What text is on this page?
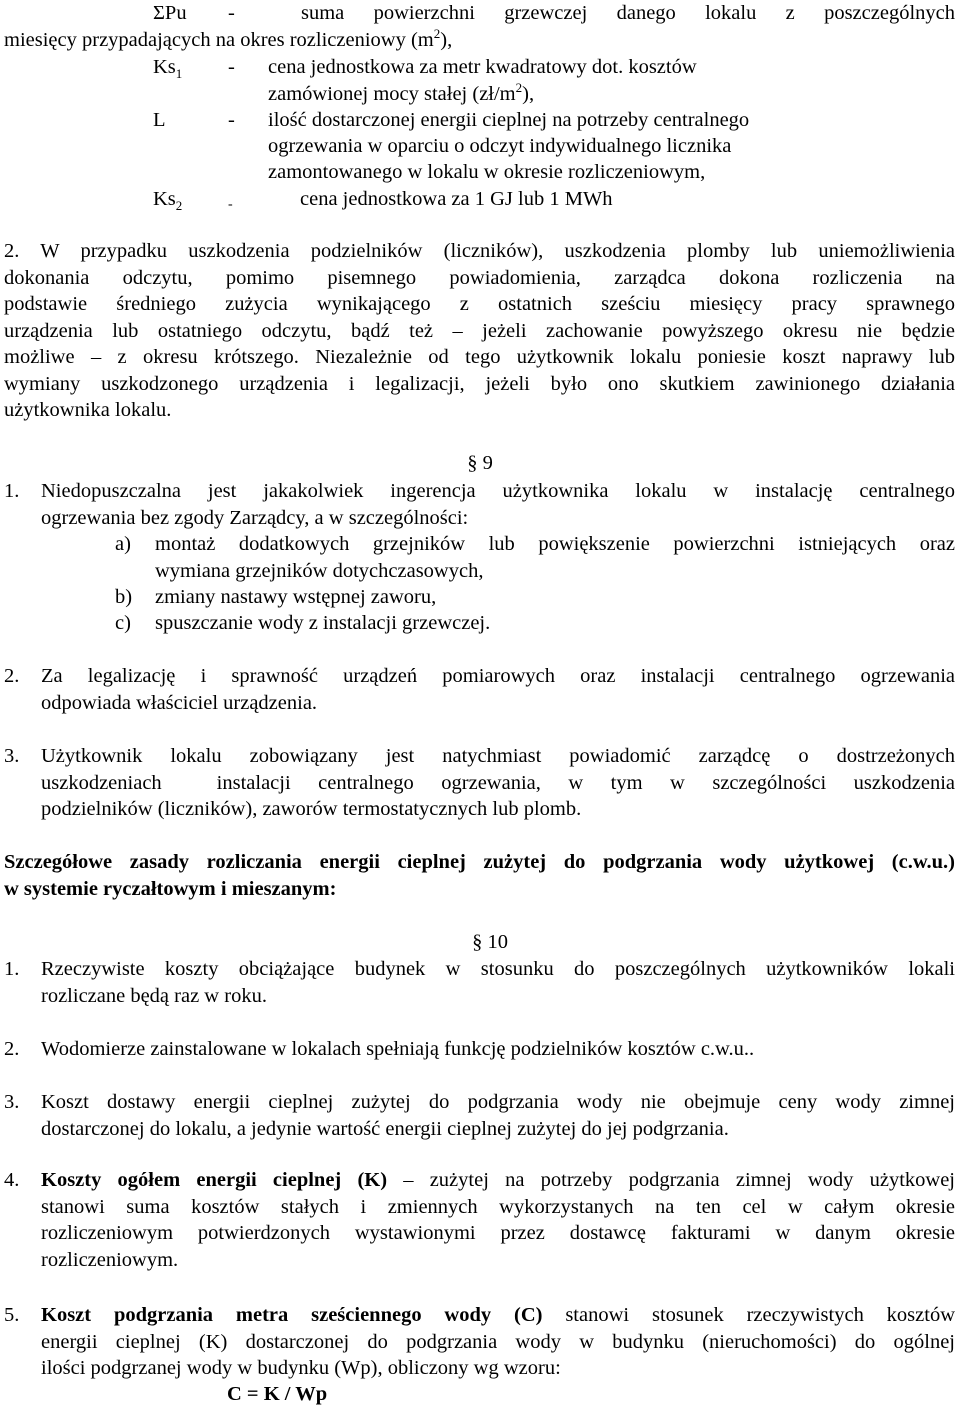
ΣPu -	suma powierzchni grzewczej danego lokalu z poszczególnych
miesięcy przypadających na okres rozliczeniowy $(m^2)$,
$Ks_1$ - cena jednostkowa za metr kwadratowy dot. kosztów
zamówionej mocy stałej $(zł/m^2)$,
L	- ilość dostarczonej energii cieplnej na potrzeby centralnego
ogrzewania w oparciu o odczyt indywidualnego licznika
zamontowanego w lokalu w okresie rozliczeniowym,
$Ks_2$	-	cena jednostkowa za 1 GJ lub 1 MWh
2. W przypadku uszkodzenia podzielników (liczników), uszkodzenia plomby lub uniemożliwienia
dokonania odczytu, pomimo pisemnego powiadomienia, zarządca dokona rozliczenia na
podstawie średniego zużycia wynikającego z ostatnich sześciu miesięcy pracy sprawnego
urządzenia lub ostatniego odczytu, bądź też – jeżeli zachowanie powyższego okresu nie będzie
możliwe – z okresu krótszego. Niezależnie od tego użytkownik lokalu poniesie koszt naprawy lub
wymiany uszkodzonego urządzenia i legalizacji, jeżeli było ono skutkiem zawinionego działania
użytkownika lokalu.
§ 9
1. Niedopuszczalna jest jakakolwiek ingerencja użytkownika lokalu w instalację centralnego
ogrzewania bez zgody Zarządcy, a w szczególności:
a) montaż dodatkowych grzejników lub powiększenie powierzchni istniejących oraz
wymiana grzejników dotychczasowych,
b) zmiany nastawy wstępnej zaworu,
c) spuszczanie wody z instalacji grzewczej.
2. Za legalizację i sprawność urządzeń pomiarowych oraz instalacji centralnego ogrzewania
odpowiada właściciel urządzenia.
3. Użytkownik lokalu zobowiązany jest natychmiast powiadomić zarządcę o dostrzeżonych
uszkodzeniach  instalacji centralnego ogrzewania, w tym w szczególności uszkodzenia
podzielników (liczników), zaworów termostatycznych lub plomb.
Szczegółowe zasady rozliczania energii cieplnej zużytej do podgrzania wody użytkowej (c.w.u.)
w systemie ryczałtowym i mieszanym:
§ 10
1. Rzeczywiste koszty obciążające budynek w stosunku do poszczególnych użytkowników lokali
rozliczane będą raz w roku.
2. Wodomierze zainstalowane w lokalach spełniają funkcję podzielników kosztów c.w.u..
3. Koszt dostawy energii cieplnej zużytej do podgrzania wody nie obejmuje ceny wody zimnej
dostarczonej do lokalu, a jedynie wartość energii cieplnej zużytej do jej podgrzania.
4. Koszty ogółem energii cieplnej (K) – zużytej na potrzeby podgrzania zimnej wody użytkowej
stanowi suma kosztów stałych i zmiennych wykorzystanych na ten cel w całym okresie
rozliczeniowym potwierdzonych wystawionymi przez dostawcę fakturami w danym okresie
rozliczeniowym.
5. Koszt podgrzania metra sześciennego wody (C) stanowi stosunek rzeczywistych kosztów
energii cieplnej (K) dostarczonej do podgrzania wody w budynku (nieruchomości) do ogólnej
ilości podgrzanej wody w budynku (Wp), obliczony wg wzoru:
C = K / Wp
